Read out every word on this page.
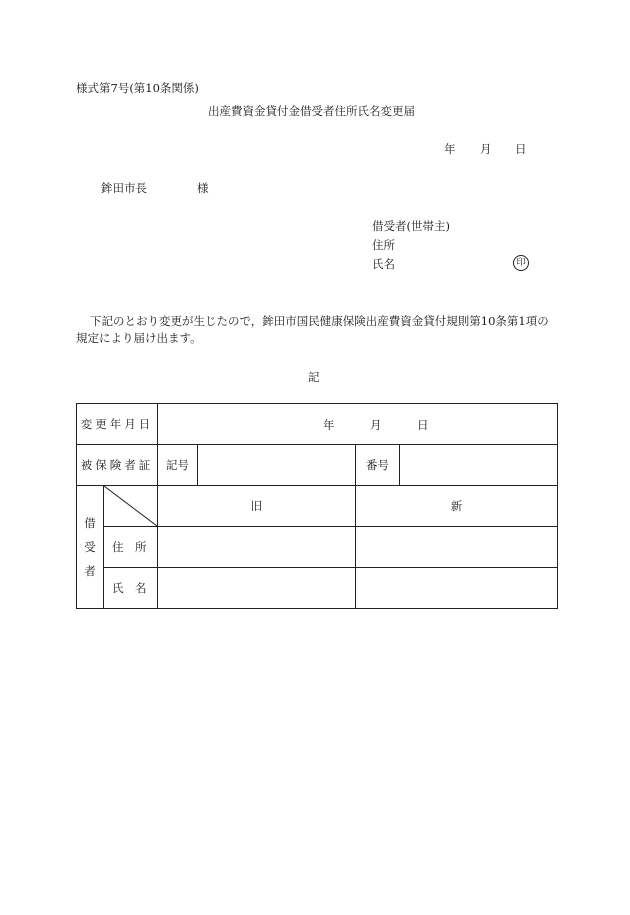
様式第7号(第10条関係)
出産費資金貸付金借受者住所氏名変更届
年 月 日
鉾田市長	様
借受者(世帯主)
住所
氏名	印
下記のとおり変更が生じたので，鉾田市国民健康保険出産費資金貸付規則第10条第1項の
規定により届け出ます。
記
変更年月日		年 月 日			

被保険者証		記号		番号	

借
受
者		旧		新	
	住　所				
	氏　名				
